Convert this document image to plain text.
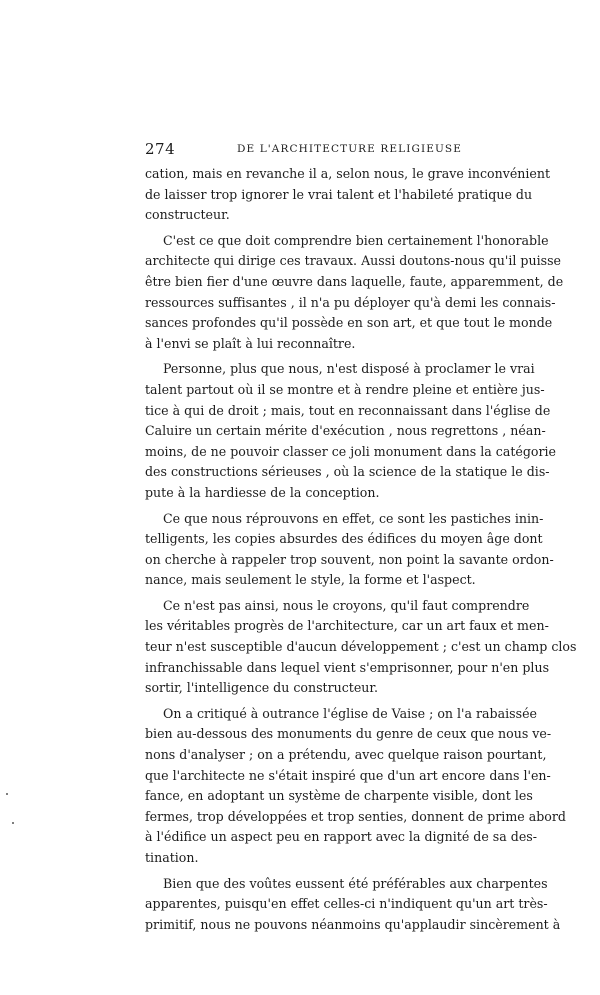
274	DE L'ARCHITECTURE RELIGIEUSE
cation, mais en revanche il a, selon nous, le grave inconvénient
de laisser trop ignorer le vrai talent et l'habileté pratique du
constructeur.
C'est ce que doit comprendre bien certainement l'honorable
architecte qui dirige ces travaux. Aussi doutons-nous qu'il puisse
être bien fier d'une œuvre dans laquelle, faute, apparemment, de
ressources suffisantes , il n'a pu déployer qu'à demi les connais-
sances profondes qu'il possède en son art, et que tout le monde
à l'envi se plaît à lui reconnaître.
Personne, plus que nous, n'est disposé à proclamer le vrai
talent partout où il se montre et à rendre pleine et entière jus-
tice à qui de droit ; mais, tout en reconnaissant dans l'église de
Caluire un certain mérite d'exécution , nous regrettons , néan-
moins, de ne pouvoir classer ce joli monument dans la catégorie
des constructions sérieuses , où la science de la statique le dis-
pute à la hardiesse de la conception.
Ce que nous réprouvons en effet, ce sont les pastiches inin-
telligents, les copies absurdes des édifices du moyen âge dont
on cherche à rappeler trop souvent, non point la savante ordon-
nance, mais seulement le style, la forme et l'aspect.
Ce n'est pas ainsi, nous le croyons, qu'il faut comprendre
les véritables progrès de l'architecture, car un art faux et men-
teur n'est susceptible d'aucun développement ; c'est un champ clos
infranchissable dans lequel vient s'emprisonner, pour n'en plus
sortir, l'intelligence du constructeur.
On a critiqué à outrance l'église de Vaise ; on l'a rabaissée
bien au-dessous des monuments du genre de ceux que nous ve-
nons d'analyser ; on a prétendu, avec quelque raison pourtant,
que l'architecte ne s'était inspiré que d'un art encore dans l'en-
fance, en adoptant un système de charpente visible, dont les
fermes, trop développées et trop senties, donnent de prime abord
à l'édifice un aspect peu en rapport avec la dignité de sa des-
tination.
Bien que des voûtes eussent été préférables aux charpentes
apparentes, puisqu'en effet celles-ci n'indiquent qu'un art très-
primitif, nous ne pouvons néanmoins qu'applaudir sincèrement à
